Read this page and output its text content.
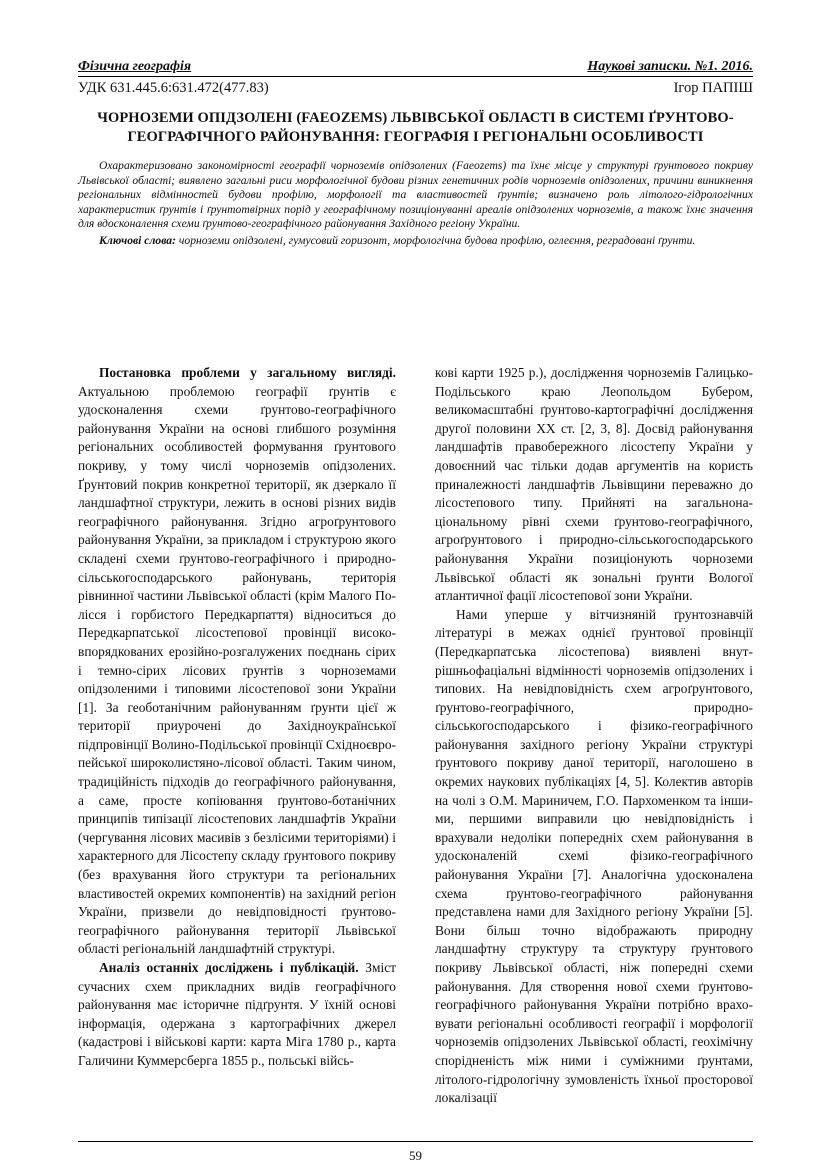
Фізична географія	Наукові записки. №1. 2016.
УДК 631.445.6:631.472(477.83)	Ігор ПАПІШ
ЧОРНОЗЕМИ ОПІДЗОЛЕНІ (FAEOZEMS) ЛЬВІВСЬКОЇ ОБЛАСТІ В СИСТЕМІ ҐРУНТОВО-ГЕОГРАФІЧНОГО РАЙОНУВАННЯ: ГЕОГРАФІЯ І РЕГІОНАЛЬНІ ОСОБЛИВОСТІ

Охарактеризовано закономірності географії чорноземів опідзолених (Faeozems) та їхнє місце у структурі ґрунтового покриву Львівської області; виявлено загальні риси морфологічної будови різних генетичних родів чорноземів опідзолених, причини виникнення регіональних відмінностей будови профілю, морфології та властивостей ґрунтів; визначено роль літолого-гідрологічних характеристик ґрунтів і ґрунтотвірних порід у географічному позиціонуванні ареалів опідзолених чорноземів, а також їхнє значення для вдосконалення схеми ґрунтово-географічного районування Західного регіону України.

Ключові слова: чорноземи опідзолені, гумусовий горизонт, морфологічна будова профілю, оглеєння, реградовані ґрунти.

Постановка проблеми у загальному вигляді. Актуальною проблемою географії ґрунтів є удосконалення схеми ґрунтово-географічного районування України на основі глибшого розуміння регіональних особливостей формування ґрунтового покриву, у тому числі чорноземів опідзолених. Ґрунтовий покрив конкретної території, як дзеркало її ландшафтної структури, лежить в основі різних видів географічного районування. Згідно агроґрунтового районування України, за прикладом і структурою якого складені схеми ґрунтово-географічного і природно-сільськогосподарського районувань, територія рівнинної частини Львівської області (крім Малого Полісся і горбистого Передкарпаття) відноситься до Передкарпатської лісостепової провінції високо-впорядкованих ерозійно-розгалужених поєднань сірих і темно-сірих лісових ґрунтів з чорноземами опідзоленими і типовими лісостепової зони України [1]. За геоботанічним районуванням ґрунти цієї ж території приурочені до Західноукраїнської підпровінції Волино-Подільської провінції Східноєвропейської широколистяно-лісової області. Таким чином, традиційність підходів до географічного районування, а саме, просте копіювання ґрунтово-ботанічних принципів типізації лісостепових ландшафтів України (чергування лісових масивів з безлісими територіями) і характерного для Лісостепу складу ґрунтового покриву (без врахування його структури та регіональних властивостей окремих компонентів) на західний регіон України, призвели до невідповідності ґрунтово-географічного районування території Львівської області регіональній ландшафтній структурі.

Аналіз останніх досліджень і публікацій. Зміст сучасних схем прикладних видів географічного районування має історичне підґрунтя. У їхній основі інформація, одержана з картографічних джерел (кадастрові і військові карти: карта Міга 1780 р., карта Галичини Куммерсберга 1855 р., польські війсь-

кові карти 1925 р.), дослідження чорноземів Галицько-Подільського краю Леопольдом Бубером, великомасштабні ґрунтово-картографічні дослідження другої половини ХХ ст. [2, 3, 8]. Досвід районування ландшафтів правобережного лісостепу України у довоєнний час тільки додав аргументів на користь приналежності ландшафтів Львівщини переважно до лісостепового типу. Прийняті на загальнонаціональному рівні схеми ґрунтово-географічного, агроґрунтового і природно-сільськогосподарського районування України позиціонують чорноземи Львівської області як зональні ґрунти Вологої атлантичної фації лісостепової зони України.

Нами уперше у вітчизняній ґрунтознавчій літературі в межах однієї ґрунтової провінції (Передкарпатська лісостепова) виявлені внутрішньофаціальні відмінності чорноземів опідзолених і типових. На невідповідність схем агроґрунтового, ґрунтово-географічного, природно-сільськогосподарського і фізико-географічного районування західного регіону України структурі ґрунтового покриву даної території, наголошено в окремих наукових публікаціях [4, 5]. Колектив авторів на чолі з О.М. Мариничем, Г.О. Пархоменком та іншими, першими виправили цю невідповідність і врахували недоліки попередніх схем районування в удосконаленій схемі фізико-географічного районування України [7]. Аналогічна удосконалена схема ґрунтово-географічного районування представлена нами для Західного регіону України [5]. Вони більш точно відображають природну ландшафтну структуру та структуру ґрунтового покриву Львівської області, ніж попередні схеми районування. Для створення нової схеми ґрунтово-географічного районування України потрібно враховувати регіональні особливості географії і морфології чорноземів опідзолених Львівської області, геохімічну спорідненість між ними і суміжними ґрунтами, літолого-гідрологічну зумовленість їхньої просторової локалізації

59
